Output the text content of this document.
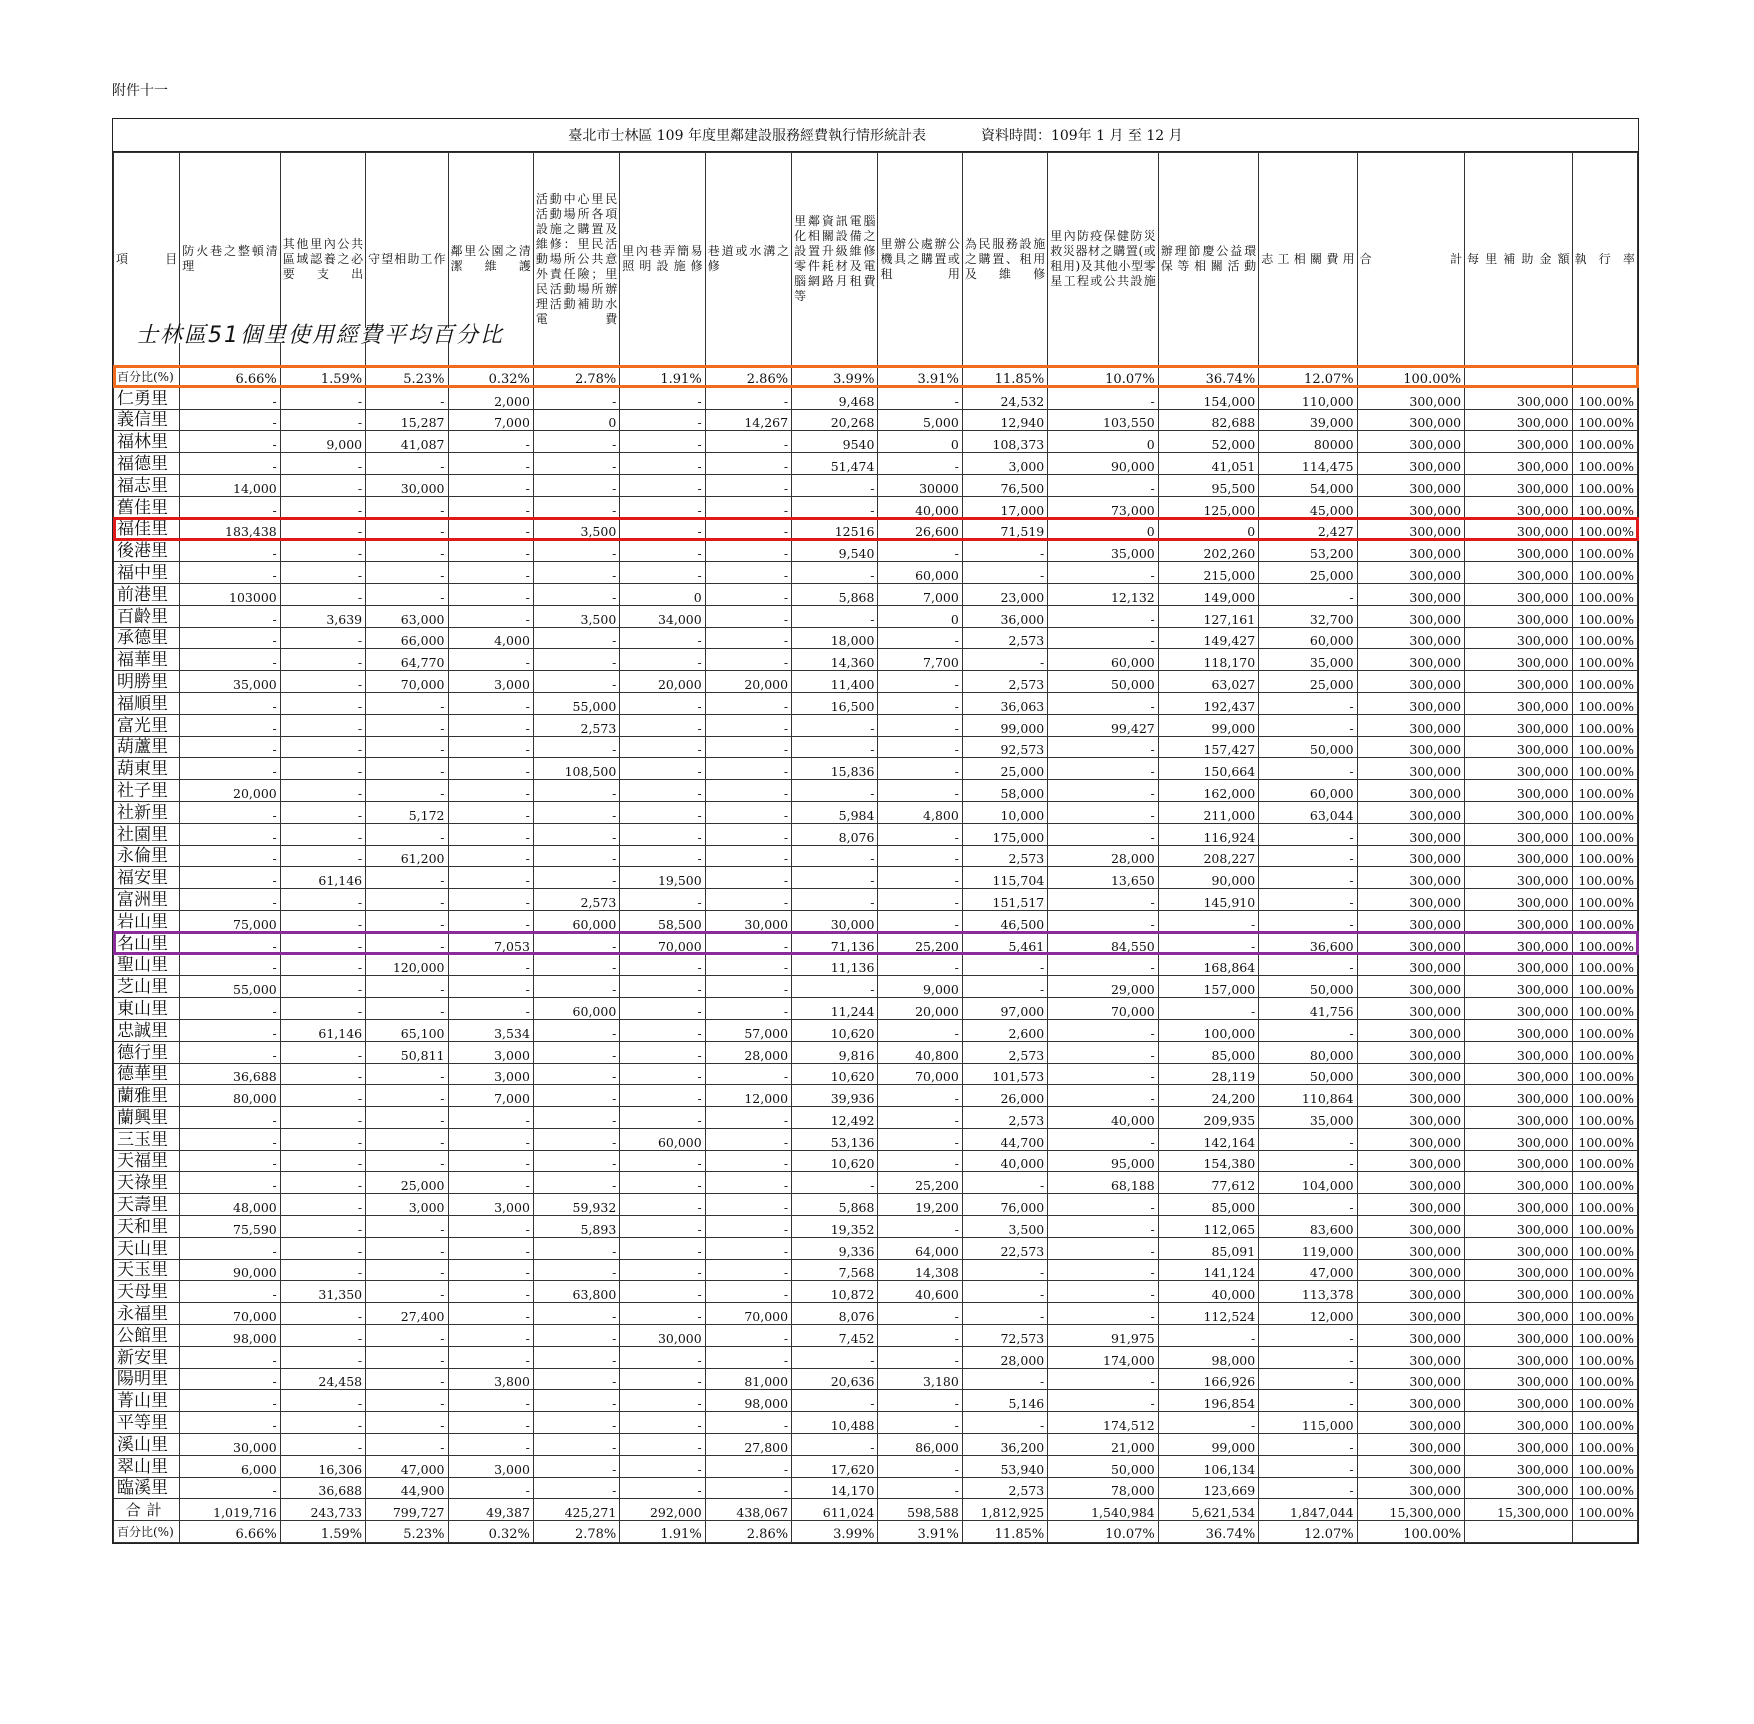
附件十一
臺北市士林區 109 年度里鄰建設服務經費執行情形統計表	資料時間：109年 1 月 至 12 月
項　　目
士林區51個里使用經費平均百分比	防火巷之整頓清理	其他里內公共區域認養之必要支出	守望相助工作	鄰里公園之清潔維護	活動中心里民活動場所各項設施之購置及維修：里民活動場所公共意外責任險；里民活動場所辦理活動補助水電費	里內巷弄簡易照明設施修	巷道或水溝之修	里鄰資訊電腦化相關設備之設置升級維修零件耗材及電腦網路月租費等	里辦公處辦公機具之購置或租用	為民服務設施之購置、租用及維修	里內防疫保健防災救災器材之購置(或租用)及其他小型零星工程或公共設施	辦理節慶公益環保等相關活動	志工相關費用	合計	每里補助金額	執行率
百分比(%)	6.66%	1.59%	5.23%	0.32%	2.78%	1.91%	2.86%	3.99%	3.91%	11.85%	10.07%	36.74%	12.07%	100.00%		
仁勇里	-	-	-	2,000	-	-	-	9,468	-	24,532	-	154,000	110,000	300,000	300,000	100.00%
義信里	-	-	15,287	7,000	0	-	14,267	20,268	5,000	12,940	103,550	82,688	39,000	300,000	300,000	100.00%
福林里	-	9,000	41,087	-	-	-	-	9540	0	108,373	0	52,000	80000	300,000	300,000	100.00%
福德里	-	-	-	-	-	-	-	51,474	-	3,000	90,000	41,051	114,475	300,000	300,000	100.00%
福志里	14,000	-	30,000	-	-	-	-	-	30000	76,500	-	95,500	54,000	300,000	300,000	100.00%
舊佳里	-	-	-	-	-	-	-	-	40,000	17,000	73,000	125,000	45,000	300,000	300,000	100.00%
福佳里	183,438	-	-	-	3,500	-	-	12516	26,600	71,519	0	0	2,427	300,000	300,000	100.00%
後港里	-	-	-	-	-	-	-	9,540	-	-	35,000	202,260	53,200	300,000	300,000	100.00%
福中里	-	-	-	-	-	-	-	-	60,000	-	-	215,000	25,000	300,000	300,000	100.00%
前港里	103000	-	-	-	-	0	-	5,868	7,000	23,000	12,132	149,000	-	300,000	300,000	100.00%
百齡里	-	3,639	63,000	-	3,500	34,000	-	-	0	36,000	-	127,161	32,700	300,000	300,000	100.00%
承德里	-	-	66,000	4,000	-	-	-	18,000	-	2,573	-	149,427	60,000	300,000	300,000	100.00%
福華里	-	-	64,770	-	-	-	-	14,360	7,700	-	60,000	118,170	35,000	300,000	300,000	100.00%
明勝里	35,000	-	70,000	3,000	-	20,000	20,000	11,400	-	2,573	50,000	63,027	25,000	300,000	300,000	100.00%
福順里	-	-	-	-	55,000	-	-	16,500	-	36,063	-	192,437	-	300,000	300,000	100.00%
富光里	-	-	-	-	2,573	-	-	-	-	99,000	99,427	99,000	-	300,000	300,000	100.00%
葫蘆里	-	-	-	-	-	-	-	-	-	92,573	-	157,427	50,000	300,000	300,000	100.00%
葫東里	-	-	-	-	108,500	-	-	15,836	-	25,000	-	150,664	-	300,000	300,000	100.00%
社子里	20,000	-	-	-	-	-	-	-	-	58,000	-	162,000	60,000	300,000	300,000	100.00%
社新里	-	-	5,172	-	-	-	-	5,984	4,800	10,000	-	211,000	63,044	300,000	300,000	100.00%
社園里	-	-	-	-	-	-	-	8,076	-	175,000	-	116,924	-	300,000	300,000	100.00%
永倫里	-	-	61,200	-	-	-	-	-	-	2,573	28,000	208,227	-	300,000	300,000	100.00%
福安里	-	61,146	-	-	-	19,500	-	-	-	115,704	13,650	90,000	-	300,000	300,000	100.00%
富洲里	-	-	-	-	2,573	-	-	-	-	151,517	-	145,910	-	300,000	300,000	100.00%
岩山里	75,000	-	-	-	60,000	58,500	30,000	30,000	-	46,500	-	-	-	300,000	300,000	100.00%
名山里	-	-	-	7,053	-	70,000	-	71,136	25,200	5,461	84,550	-	36,600	300,000	300,000	100.00%
聖山里	-	-	120,000	-	-	-	-	11,136	-	-	-	168,864	-	300,000	300,000	100.00%
芝山里	55,000	-	-	-	-	-	-	-	9,000	-	29,000	157,000	50,000	300,000	300,000	100.00%
東山里	-	-	-	-	60,000	-	-	11,244	20,000	97,000	70,000	-	41,756	300,000	300,000	100.00%
忠誠里	-	61,146	65,100	3,534	-	-	57,000	10,620	-	2,600	-	100,000	-	300,000	300,000	100.00%
德行里	-	-	50,811	3,000	-	-	28,000	9,816	40,800	2,573	-	85,000	80,000	300,000	300,000	100.00%
德華里	36,688	-	-	3,000	-	-	-	10,620	70,000	101,573	-	28,119	50,000	300,000	300,000	100.00%
蘭雅里	80,000	-	-	7,000	-	-	12,000	39,936	-	26,000	-	24,200	110,864	300,000	300,000	100.00%
蘭興里	-	-	-	-	-	-	-	12,492	-	2,573	40,000	209,935	35,000	300,000	300,000	100.00%
三玉里	-	-	-	-	-	60,000	-	53,136	-	44,700	-	142,164	-	300,000	300,000	100.00%
天福里	-	-	-	-	-	-	-	10,620	-	40,000	95,000	154,380	-	300,000	300,000	100.00%
天祿里	-	-	25,000	-	-	-	-	-	25,200	-	68,188	77,612	104,000	300,000	300,000	100.00%
天壽里	48,000	-	3,000	3,000	59,932	-	-	5,868	19,200	76,000	-	85,000	-	300,000	300,000	100.00%
天和里	75,590	-	-	-	5,893	-	-	19,352	-	3,500	-	112,065	83,600	300,000	300,000	100.00%
天山里	-	-	-	-	-	-	-	9,336	64,000	22,573	-	85,091	119,000	300,000	300,000	100.00%
天玉里	90,000	-	-	-	-	-	-	7,568	14,308	-	-	141,124	47,000	300,000	300,000	100.00%
天母里	-	31,350	-	-	63,800	-	-	10,872	40,600	-	-	40,000	113,378	300,000	300,000	100.00%
永福里	70,000	-	27,400	-	-	-	70,000	8,076	-	-	-	112,524	12,000	300,000	300,000	100.00%
公館里	98,000	-	-	-	-	30,000	-	7,452	-	72,573	91,975	-	-	300,000	300,000	100.00%
新安里	-	-	-	-	-	-	-	-	-	28,000	174,000	98,000	-	300,000	300,000	100.00%
陽明里	-	24,458	-	3,800	-	-	81,000	20,636	3,180	-	-	166,926	-	300,000	300,000	100.00%
菁山里	-	-	-	-	-	-	98,000	-	-	5,146	-	196,854	-	300,000	300,000	100.00%
平等里	-	-	-	-	-	-	-	10,488	-	-	174,512	-	115,000	300,000	300,000	100.00%
溪山里	30,000	-	-	-	-	-	27,800	-	86,000	36,200	21,000	99,000	-	300,000	300,000	100.00%
翠山里	6,000	16,306	47,000	3,000	-	-	-	17,620	-	53,940	50,000	106,134	-	300,000	300,000	100.00%
臨溪里	-	36,688	44,900	-	-	-	-	14,170	-	2,573	78,000	123,669	-	300,000	300,000	100.00%
合計	1,019,716	243,733	799,727	49,387	425,271	292,000	438,067	611,024	598,588	1,812,925	1,540,984	5,621,534	1,847,044	15,300,000	15,300,000	100.00%
百分比(%)	6.66%	1.59%	5.23%	0.32%	2.78%	1.91%	2.86%	3.99%	3.91%	11.85%	10.07%	36.74%	12.07%	100.00%		
